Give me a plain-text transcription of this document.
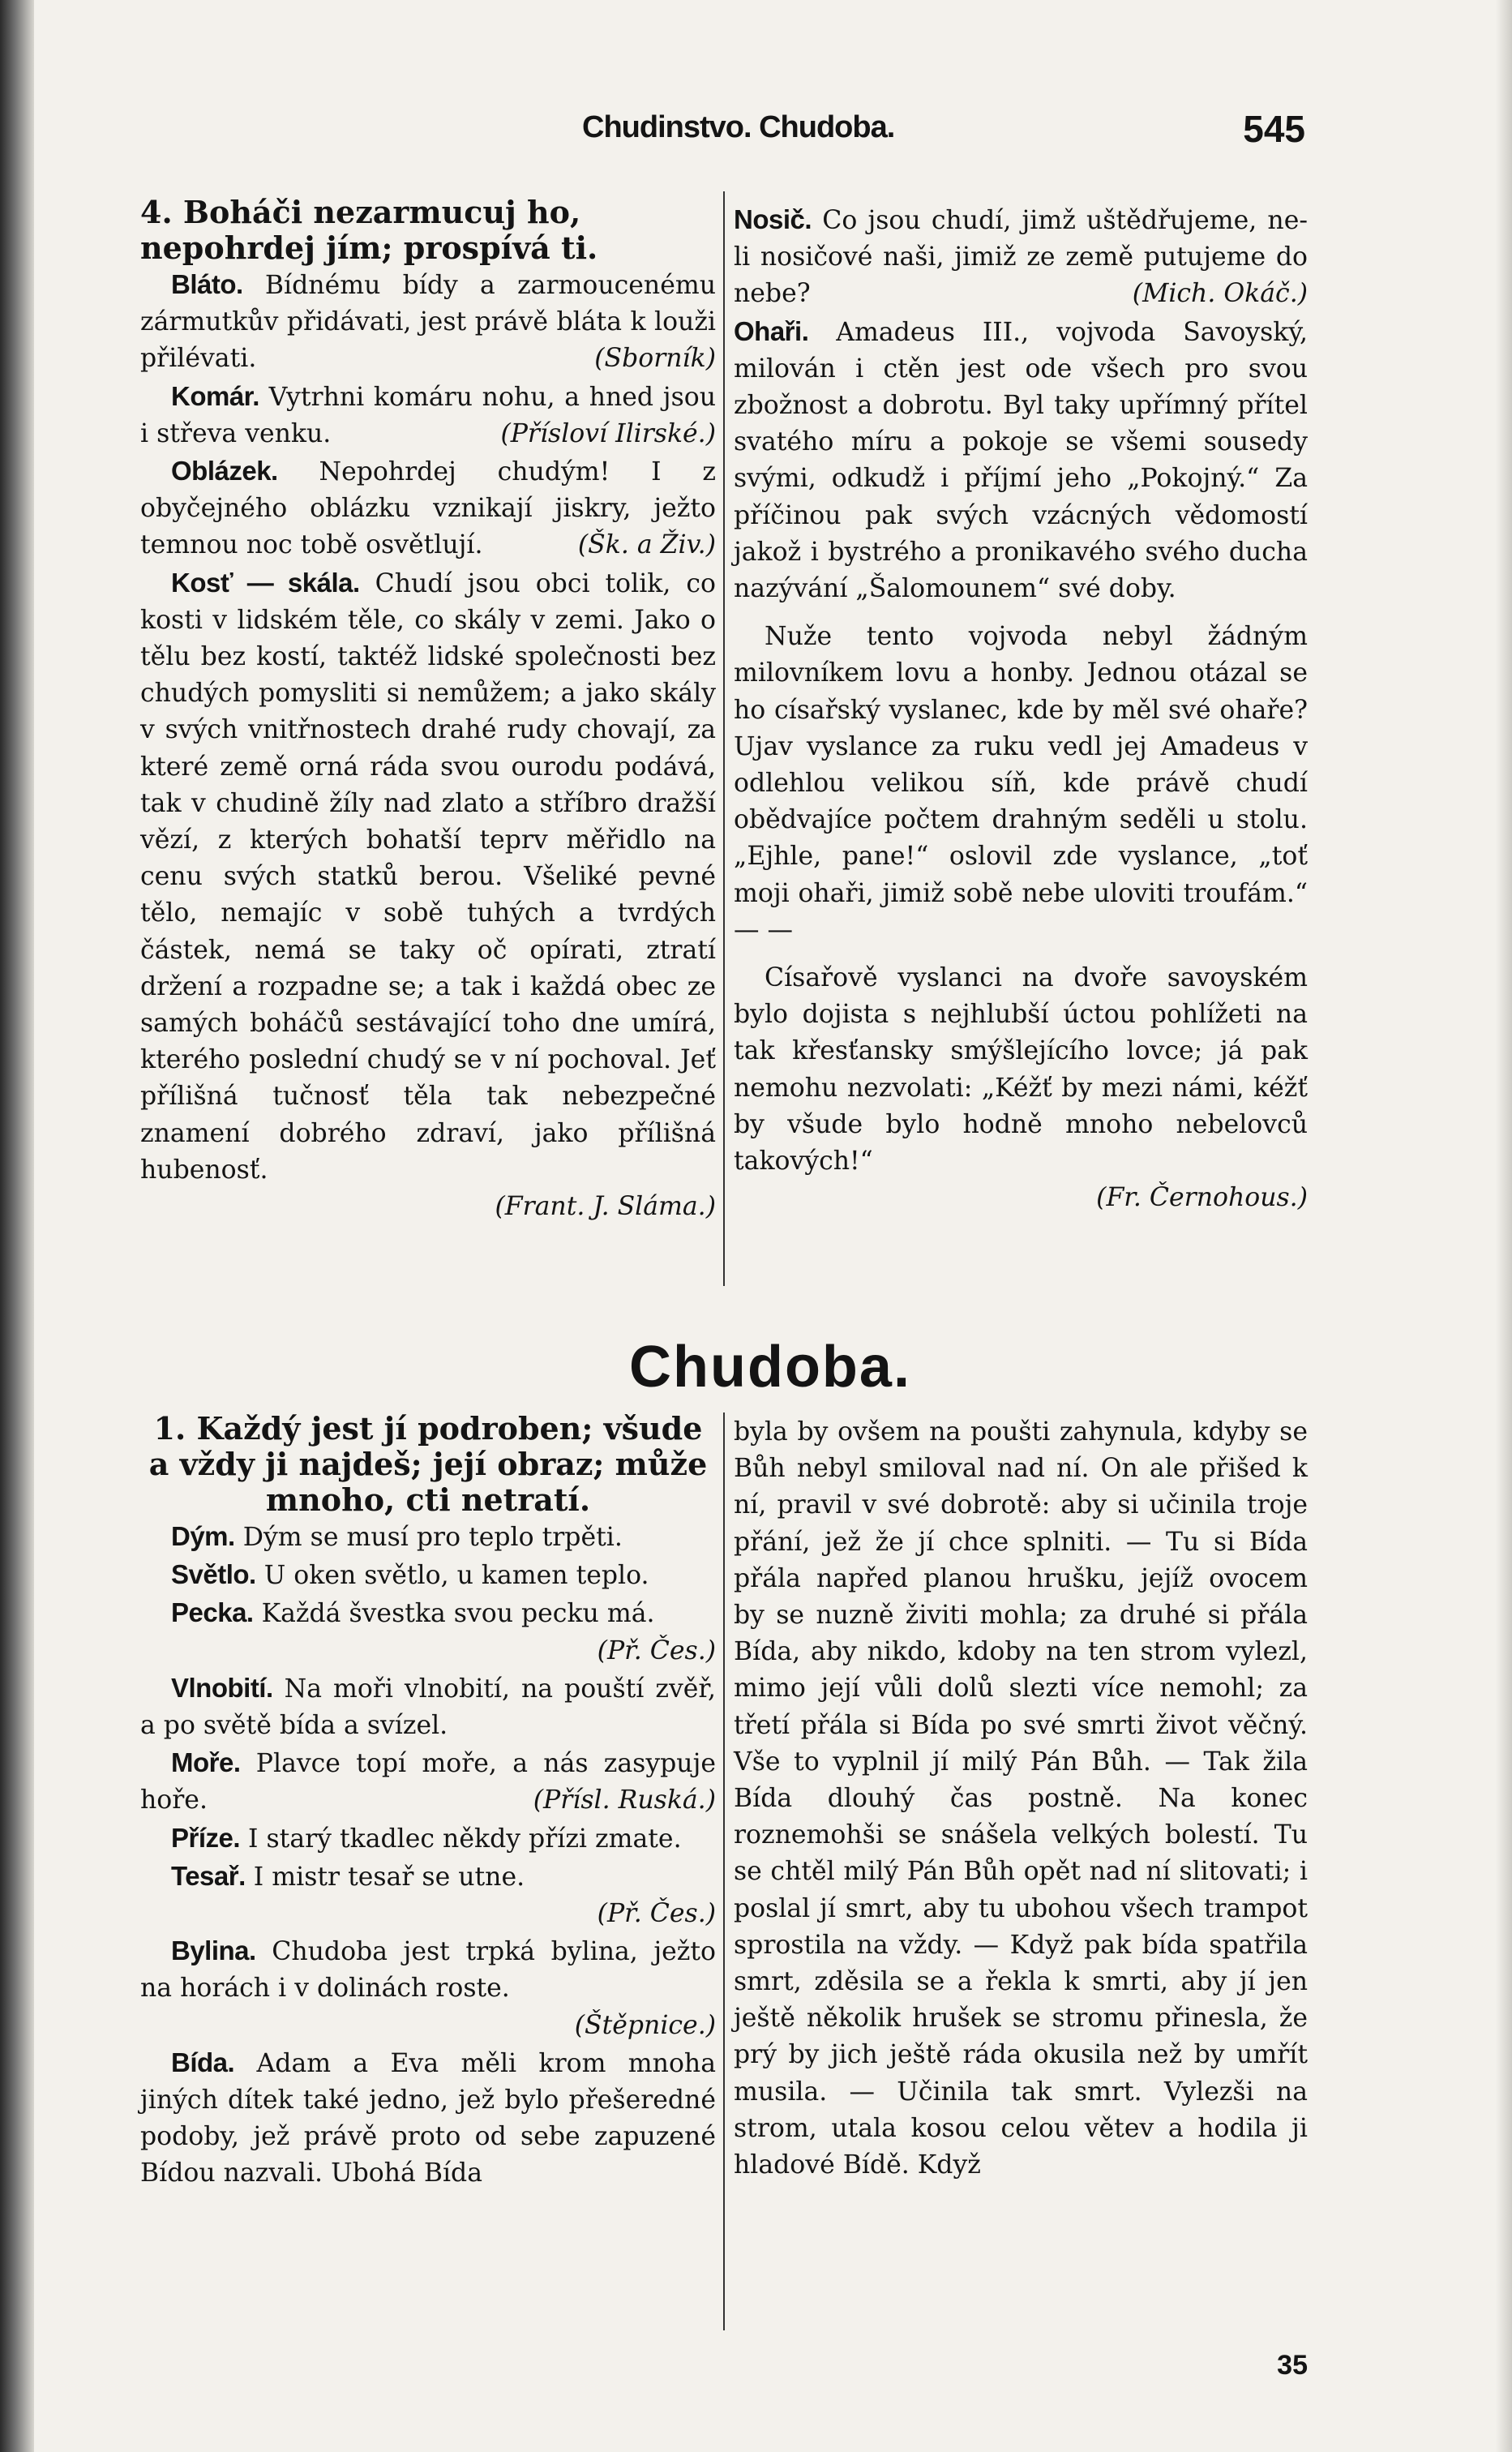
Chudinstvo. Chudoba.	545

4. Boháči nezarmucuj ho, nepohrdej jím; prospívá ti.

Bláto. Bídnému bídy a zarmoucenému zármutkův přidávati, jest právě bláta k louži přilévati.	(Sborník)

Komár. Vytrhni komáru nohu, a hned jsou i střeva venku.	(Přísloví Ilirské.)

Oblázek. Nepohrdej chudým! I z obyčejného oblázku vznikají jiskry, ježto temnou noc tobě osvětlují.	(Šk. a Živ.)

Kosť — skála. Chudí jsou obci tolik, co kosti v lidském těle, co skály v zemi. Jako o tělu bez kostí, taktéž lidské společnosti bez chudých pomysliti si nemůžem; a jako skály v svých vnitřnostech drahé rudy chovají, za které země orná ráda svou ourodu podává, tak v chudině žíly nad zlato a stříbro dražší vězí, z kterých bohatší teprv měřidlo na cenu svých statků berou. Všeliké pevné tělo, nemajíc v sobě tuhých a tvrdých částek, nemá se taky oč opírati, ztratí držení a rozpadne se; a tak i každá obec ze samých boháčů sestávající toho dne umírá, kterého poslední chudý se v ní pochoval. Jeť přílišná tučnosť těla tak nebezpečné znamení dobrého zdraví, jako přílišná hubenosť.

(Frant. J. Sláma.)

Nosič. Co jsou chudí, jimž uštědřujeme, ne-li nosičové naši, jimiž ze země putujeme do nebe?	(Mich. Okáč.)

Ohaři. Amadeus III., vojvoda Savoyský, milován i ctěn jest ode všech pro svou zbožnost a dobrotu. Byl taky upřímný přítel svatého míru a pokoje se všemi sousedy svými, odkudž i příjmí jeho „Pokojný.“ Za příčinou pak svých vzácných vědomostí jakož i bystrého a pronikavého svého ducha nazývání „Šalomounem“ své doby.

Nuže tento vojvoda nebyl žádným milovníkem lovu a honby. Jednou otázal se ho císařský vyslanec, kde by měl své ohaře? Ujav vyslance za ruku vedl jej Amadeus v odlehlou velikou síň, kde právě chudí obědvajíce počtem drahným seděli u stolu. „Ejhle, pane!“ oslovil zde vyslance, „toť moji ohaři, jimiž sobě nebe uloviti troufám.“ — —

Císařově vyslanci na dvoře savoyském bylo dojista s nejhlubší úctou pohlížeti na tak křesťansky smýšlejícího lovce; já pak nemohu nezvolati: „Kéžť by mezi námi, kéžť by všude bylo hodně mnoho nebelovců takových!“

(Fr. Černohous.)

Chudoba.

1. Každý jest jí podroben; všude a vždy ji najdeš; její obraz; může mnoho, cti netratí.

Dým. Dým se musí pro teplo trpěti.

Světlo. U oken světlo, u kamen teplo.

Pecka. Každá švestka svou pecku má.

(Př. Čes.)

Vlnobití. Na moři vlnobití, na pouští zvěř, a po světě bída a svízel.

Moře. Plavce topí moře, a nás zasypuje hoře.	(Přísl. Ruská.)

Příze. I starý tkadlec někdy přízi zmate.

Tesař. I mistr tesař se utne.

(Př. Čes.)

Bylina. Chudoba jest trpká bylina, ježto na horách i v dolinách roste.

(Štěpnice.)

Bída. Adam a Eva měli krom mnoha jiných dítek také jedno, jež bylo přešeredné podoby, jež právě proto od sebe zapuzené Bídou nazvali. Ubohá Bída

byla by ovšem na poušti zahynula, kdyby se Bůh nebyl smiloval nad ní. On ale přišed k ní, pravil v své dobrotě: aby si učinila troje přání, jež že jí chce splniti. — Tu si Bída přála napřed planou hrušku, jejíž ovocem by se nuzně živiti mohla; za druhé si přála Bída, aby nikdo, kdoby na ten strom vylezl, mimo její vůli dolů slezti více nemohl; za třetí přála si Bída po své smrti život věčný. Vše to vyplnil jí milý Pán Bůh. — Tak žila Bída dlouhý čas postně. Na konec roznemohši se snášela velkých bolestí. Tu se chtěl milý Pán Bůh opět nad ní slitovati; i poslal jí smrt, aby tu ubohou všech trampot sprostila na vždy. — Když pak bída spatřila smrt, zděsila se a řekla k smrti, aby jí jen ještě několik hrušek se stromu přinesla, že prý by jich ještě ráda okusila než by umřít musila. — Učinila tak smrt. Vylezši na strom, utala kosou celou větev a hodila ji hladové Bídě. Když

35
